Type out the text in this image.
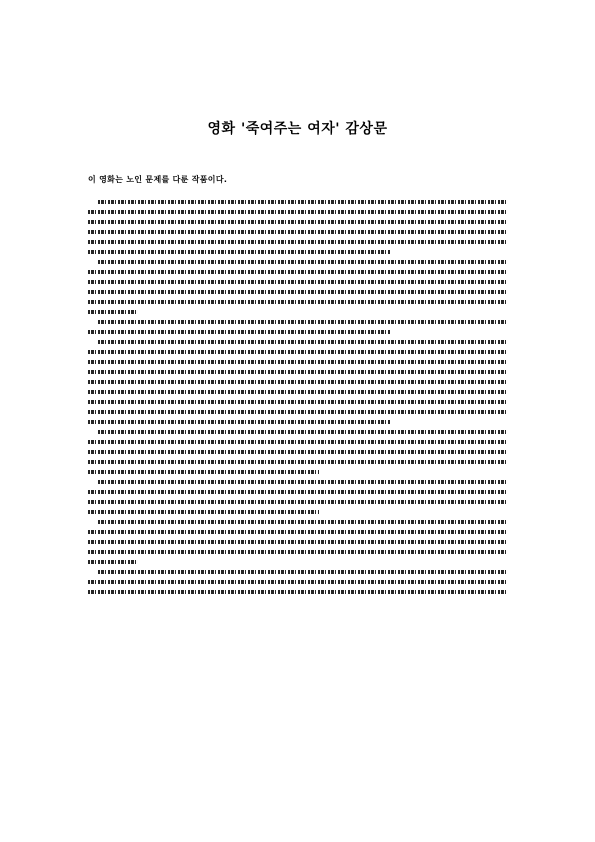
영화 '죽여주는 여자' 감상문
이 영화는 노인 문제를 다룬 작품이다.
